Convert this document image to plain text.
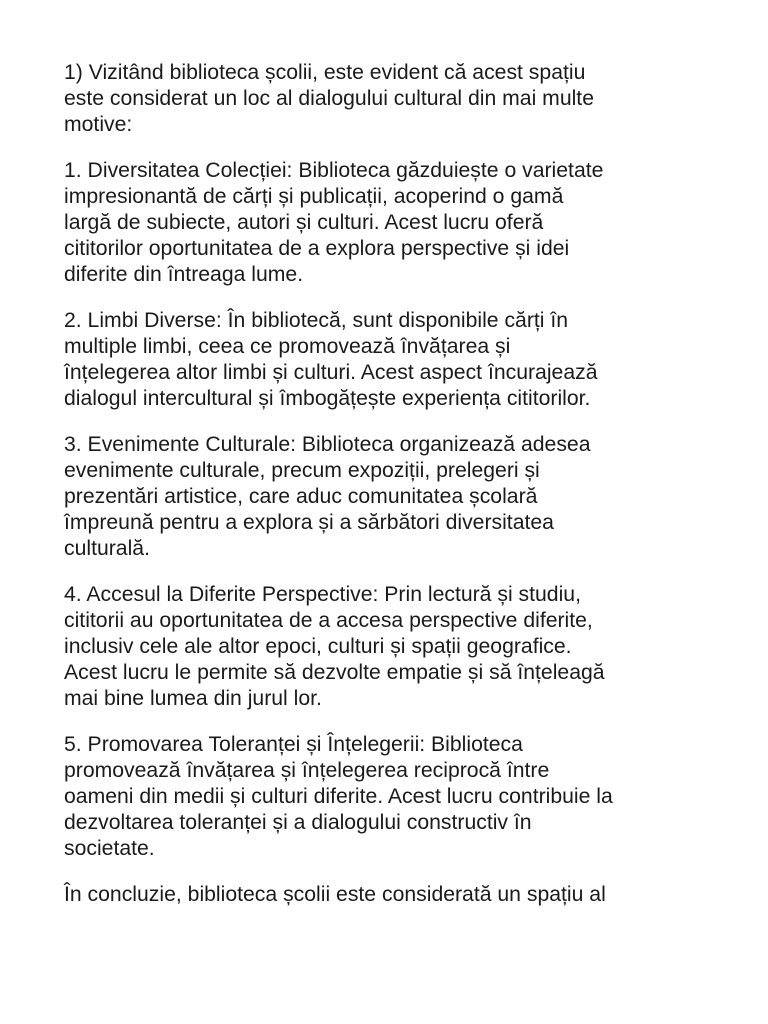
1) Vizitând biblioteca școlii, este evident că acest spațiu
este considerat un loc al dialogului cultural din mai multe
motive:

1. Diversitatea Colecției: Biblioteca găzduiește o varietate
impresionantă de cărți și publicații, acoperind o gamă
largă de subiecte, autori și culturi. Acest lucru oferă
cititorilor oportunitatea de a explora perspective și idei
diferite din întreaga lume.

2. Limbi Diverse: În bibliotecă, sunt disponibile cărți în
multiple limbi, ceea ce promovează învățarea și
înțelegerea altor limbi și culturi. Acest aspect încurajează
dialogul intercultural și îmbogățește experiența cititorilor.

3. Evenimente Culturale: Biblioteca organizează adesea
evenimente culturale, precum expoziții, prelegeri și
prezentări artistice, care aduc comunitatea școlară
împreună pentru a explora și a sărbători diversitatea
culturală.

4. Accesul la Diferite Perspective: Prin lectură și studiu,
cititorii au oportunitatea de a accesa perspective diferite,
inclusiv cele ale altor epoci, culturi și spații geografice.
Acest lucru le permite să dezvolte empatie și să înțeleagă
mai bine lumea din jurul lor.

5. Promovarea Toleranței și Înțelegerii: Biblioteca
promovează învățarea și înțelegerea reciprocă între
oameni din medii și culturi diferite. Acest lucru contribuie la
dezvoltarea toleranței și a dialogului constructiv în
societate.

În concluzie, biblioteca școlii este considerată un spațiu al
